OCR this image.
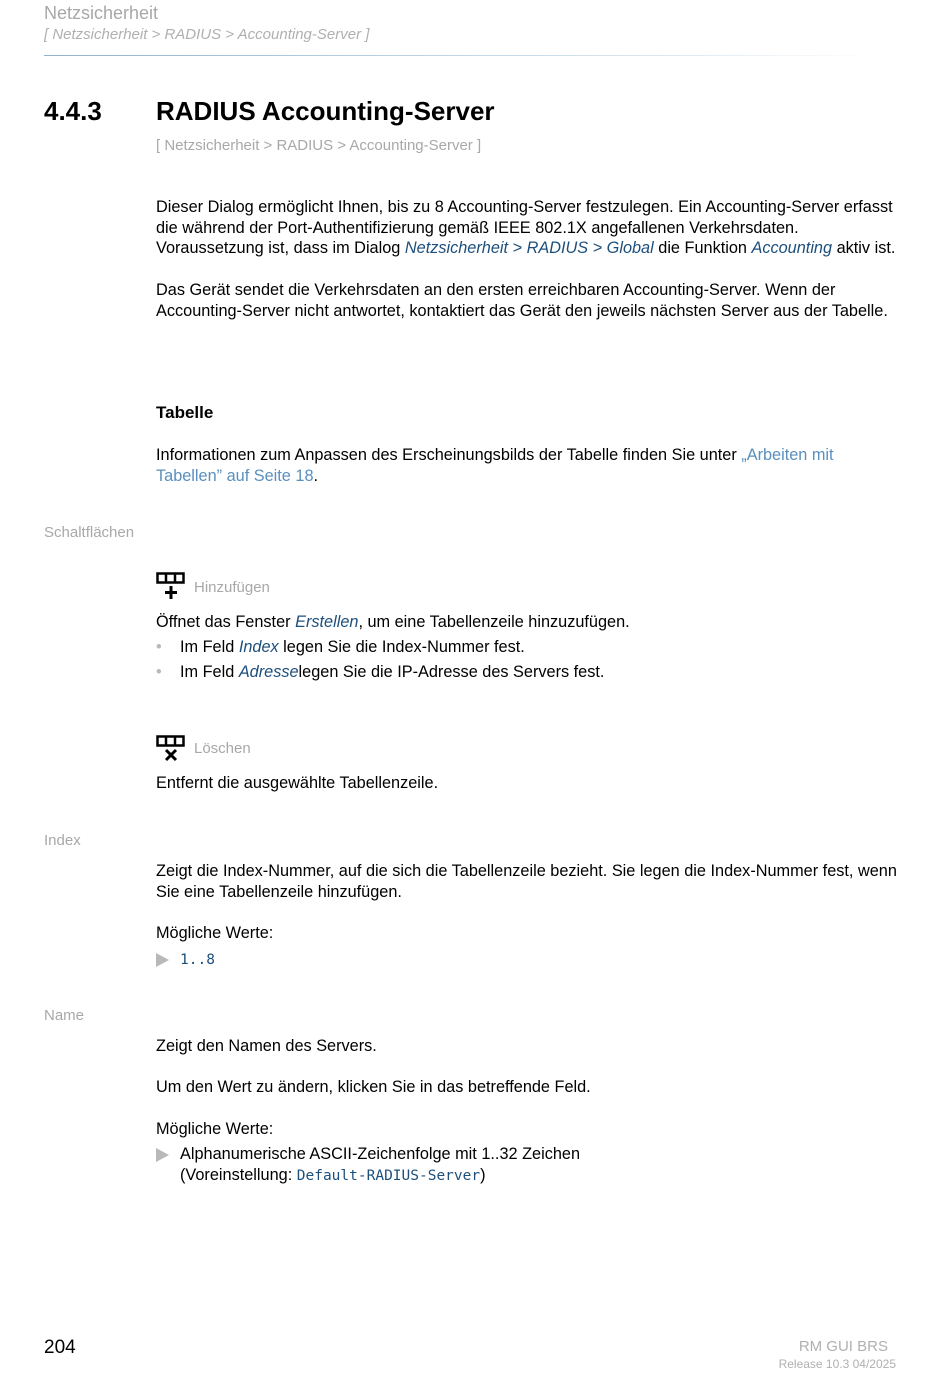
Netzsicherheit
[ Netzsicherheit > RADIUS > Accounting-Server ]
4.4.3 RADIUS Accounting-Server
[ Netzsicherheit > RADIUS > Accounting-Server ]
Dieser Dialog ermöglicht Ihnen, bis zu 8 Accounting-Server festzulegen. Ein Accounting-Server erfasst die während der Port-Authentifizierung gemäß IEEE 802.1X angefallenen Verkehrsdaten. Voraussetzung ist, dass im Dialog Netzsicherheit > RADIUS > Global die Funktion Accounting aktiv ist.
Das Gerät sendet die Verkehrsdaten an den ersten erreichbaren Accounting-Server. Wenn der Accounting-Server nicht antwortet, kontaktiert das Gerät den jeweils nächsten Server aus der Tabelle.
Tabelle
Informationen zum Anpassen des Erscheinungsbilds der Tabelle finden Sie unter „Arbeiten mit Tabellen” auf Seite 18.
Schaltflächen
Hinzufügen
Öffnet das Fenster Erstellen, um eine Tabellenzeile hinzuzufügen.
• Im Feld Index legen Sie die Index-Nummer fest.
• Im Feld Adresselegen Sie die IP-Adresse des Servers fest.
Löschen
Entfernt die ausgewählte Tabellenzeile.
Index
Zeigt die Index-Nummer, auf die sich die Tabellenzeile bezieht. Sie legen die Index-Nummer fest, wenn Sie eine Tabellenzeile hinzufügen.
Mögliche Werte:
1..8
Name
Zeigt den Namen des Servers.
Um den Wert zu ändern, klicken Sie in das betreffende Feld.
Mögliche Werte:
Alphanumerische ASCII-Zeichenfolge mit 1..32 Zeichen
(Voreinstellung: Default-RADIUS-Server)
204	RM GUI BRS
Release 10.3 04/2025
